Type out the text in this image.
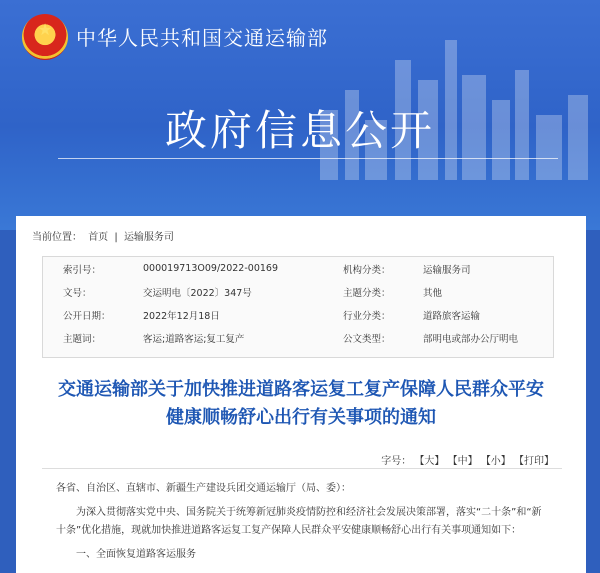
★	中华人民共和国交通运输部
政府信息公开
当前位置： 首页 | 运输服务司
索引号：	000019713O09/2022-00169	机构分类：	运输服务司
文号：	交运明电〔2022〕347号	主题分类：	其他
公开日期：	2022年12月18日	行业分类：	道路旅客运输
主题词：	客运;道路客运;复工复产	公文类型：	部明电或部办公厅明电
交通运输部关于加快推进道路客运复工复产保障人民群众平安
健康顺畅舒心出行有关事项的通知
字号： 【大】 【中】 【小】 【打印】

各省、自治区、直辖市、新疆生产建设兵团交通运输厅（局、委）：

为深入贯彻落实党中央、国务院关于统筹新冠肺炎疫情防控和经济社会发展决策部署，落实“二十条”和“新十条”优化措施，现就加快推进道路客运复工复产保障人民群众平安健康顺畅舒心出行有关事项通知如下：

一、全面恢复道路客运服务
